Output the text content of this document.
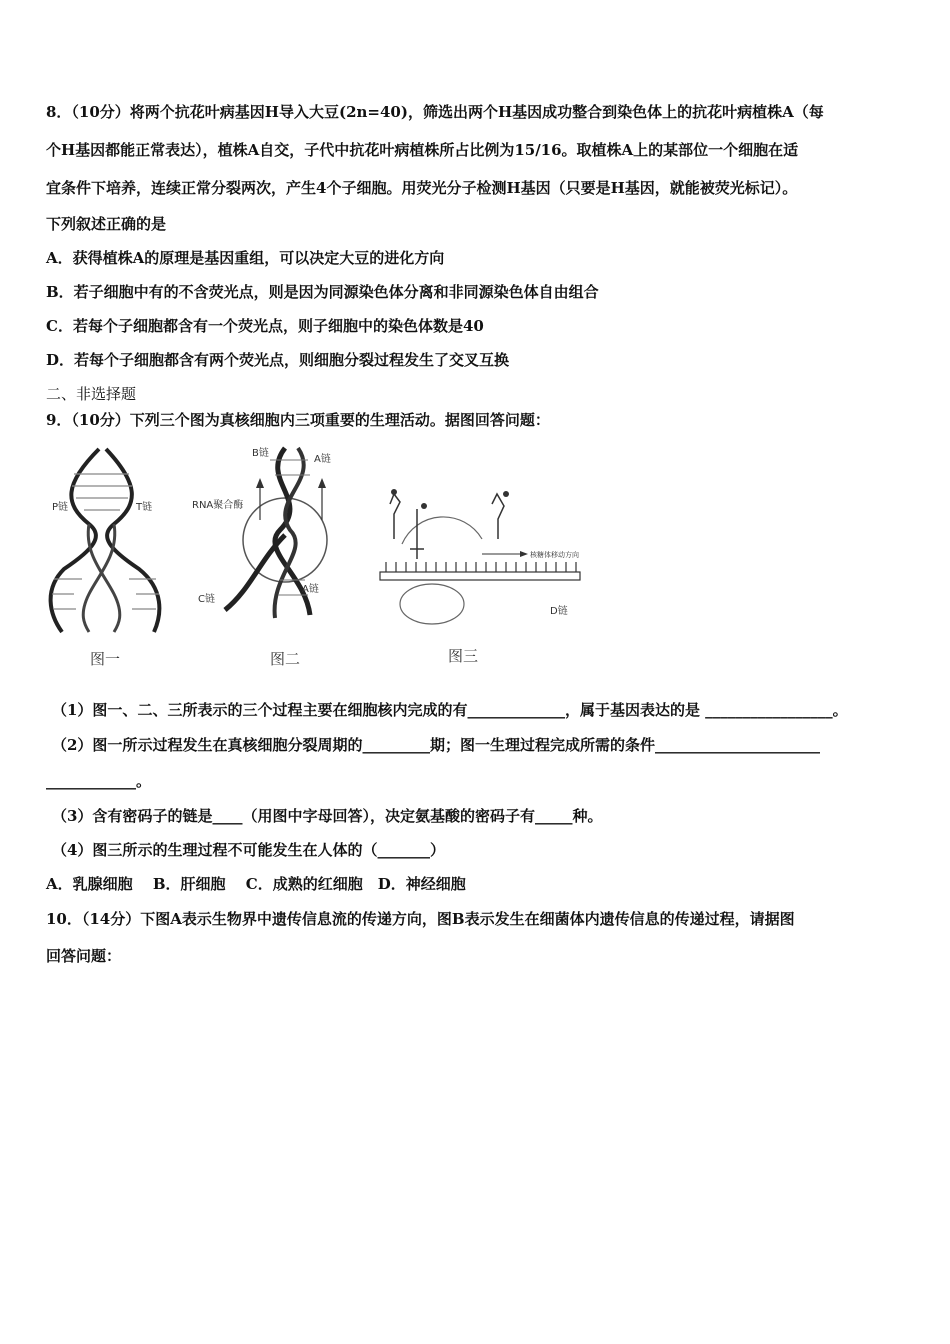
8．（10分）将两个抗花叶病基因H导入大豆(2n=40)，筛选出两个H基因成功整合到染色体上的抗花叶病植株A（每
个H基因都能正常表达），植株A自交，子代中抗花叶病植株所占比例为15/16。取植株A上的某部位一个细胞在适
宜条件下培养，连续正常分裂两次，产生4个子细胞。用荧光分子检测H基因（只要是H基因，就能被荧光标记）。
下列叙述正确的是
A．获得植株A的原理是基因重组，可以决定大豆的进化方向
B．若子细胞中有的不含荧光点，则是因为同源染色体分离和非同源染色体自由组合
C．若每个子细胞都含有一个荧光点，则子细胞中的染色体数是40
D．若每个子细胞都含有两个荧光点，则细胞分裂过程发生了交叉互换
二、非选择题
9．（10分）下列三个图为真核细胞内三项重要的生理活动。据图回答问题：
P链	T链
图一
B链
A链
RNA聚合酶
C链
A链
图二
核糖体移动方向
D链
图三
（1）图一、二、三所表示的三个过程主要在细胞核内完成的有_____________，属于基因表达的是 _________________。
（2）图一所示过程发生在真核细胞分裂周期的_________期；图一生理过程完成所需的条件______________________
____________。
（3）含有密码子的链是____（用图中字母回答），决定氨基酸的密码子有_____种。
（4）图三所示的生理过程不可能发生在人体的（_______）
A．乳腺细胞　 B．肝细胞　 C．成熟的红细胞　D．神经细胞
10．（14分）下图A表示生物界中遗传信息流的传递方向，图B表示发生在细菌体内遗传信息的传递过程，请据图
回答问题：
